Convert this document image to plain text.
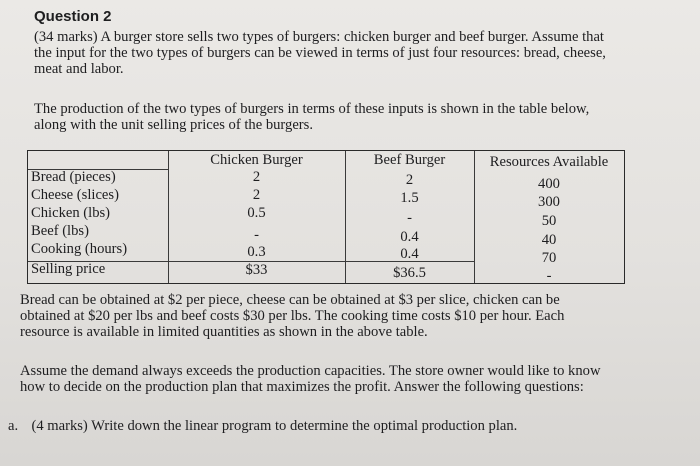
Question 2
(34 marks) A burger store sells two types of burgers: chicken burger and beef burger. Assume that
the input for the two types of burgers can be viewed in terms of just four resources: bread, cheese,
meat and labor.
The production of the two types of burgers in terms of these inputs is shown in the table below,
along with the unit selling prices of the burgers.
Chicken Burger	Beef Burger	Resources Available
Bread (pieces)
Cheese (slices)
Chicken (lbs)
Beef (lbs)
Cooking (hours)
Selling price
2
2
0.5
-
0.3
$33
2
1.5
-
0.4
0.4
$36.5
400
300
50
40
70
-
Bread can be obtained at $2 per piece, cheese can be obtained at $3 per slice, chicken can be
obtained at $20 per lbs and beef costs $30 per lbs. The cooking time costs $10 per hour. Each
resource is available in limited quantities as shown in the above table.
Assume the demand always exceeds the production capacities. The store owner would like to know
how to decide on the production plan that maximizes the profit. Answer the following questions:
a. (4 marks) Write down the linear program to determine the optimal production plan.
